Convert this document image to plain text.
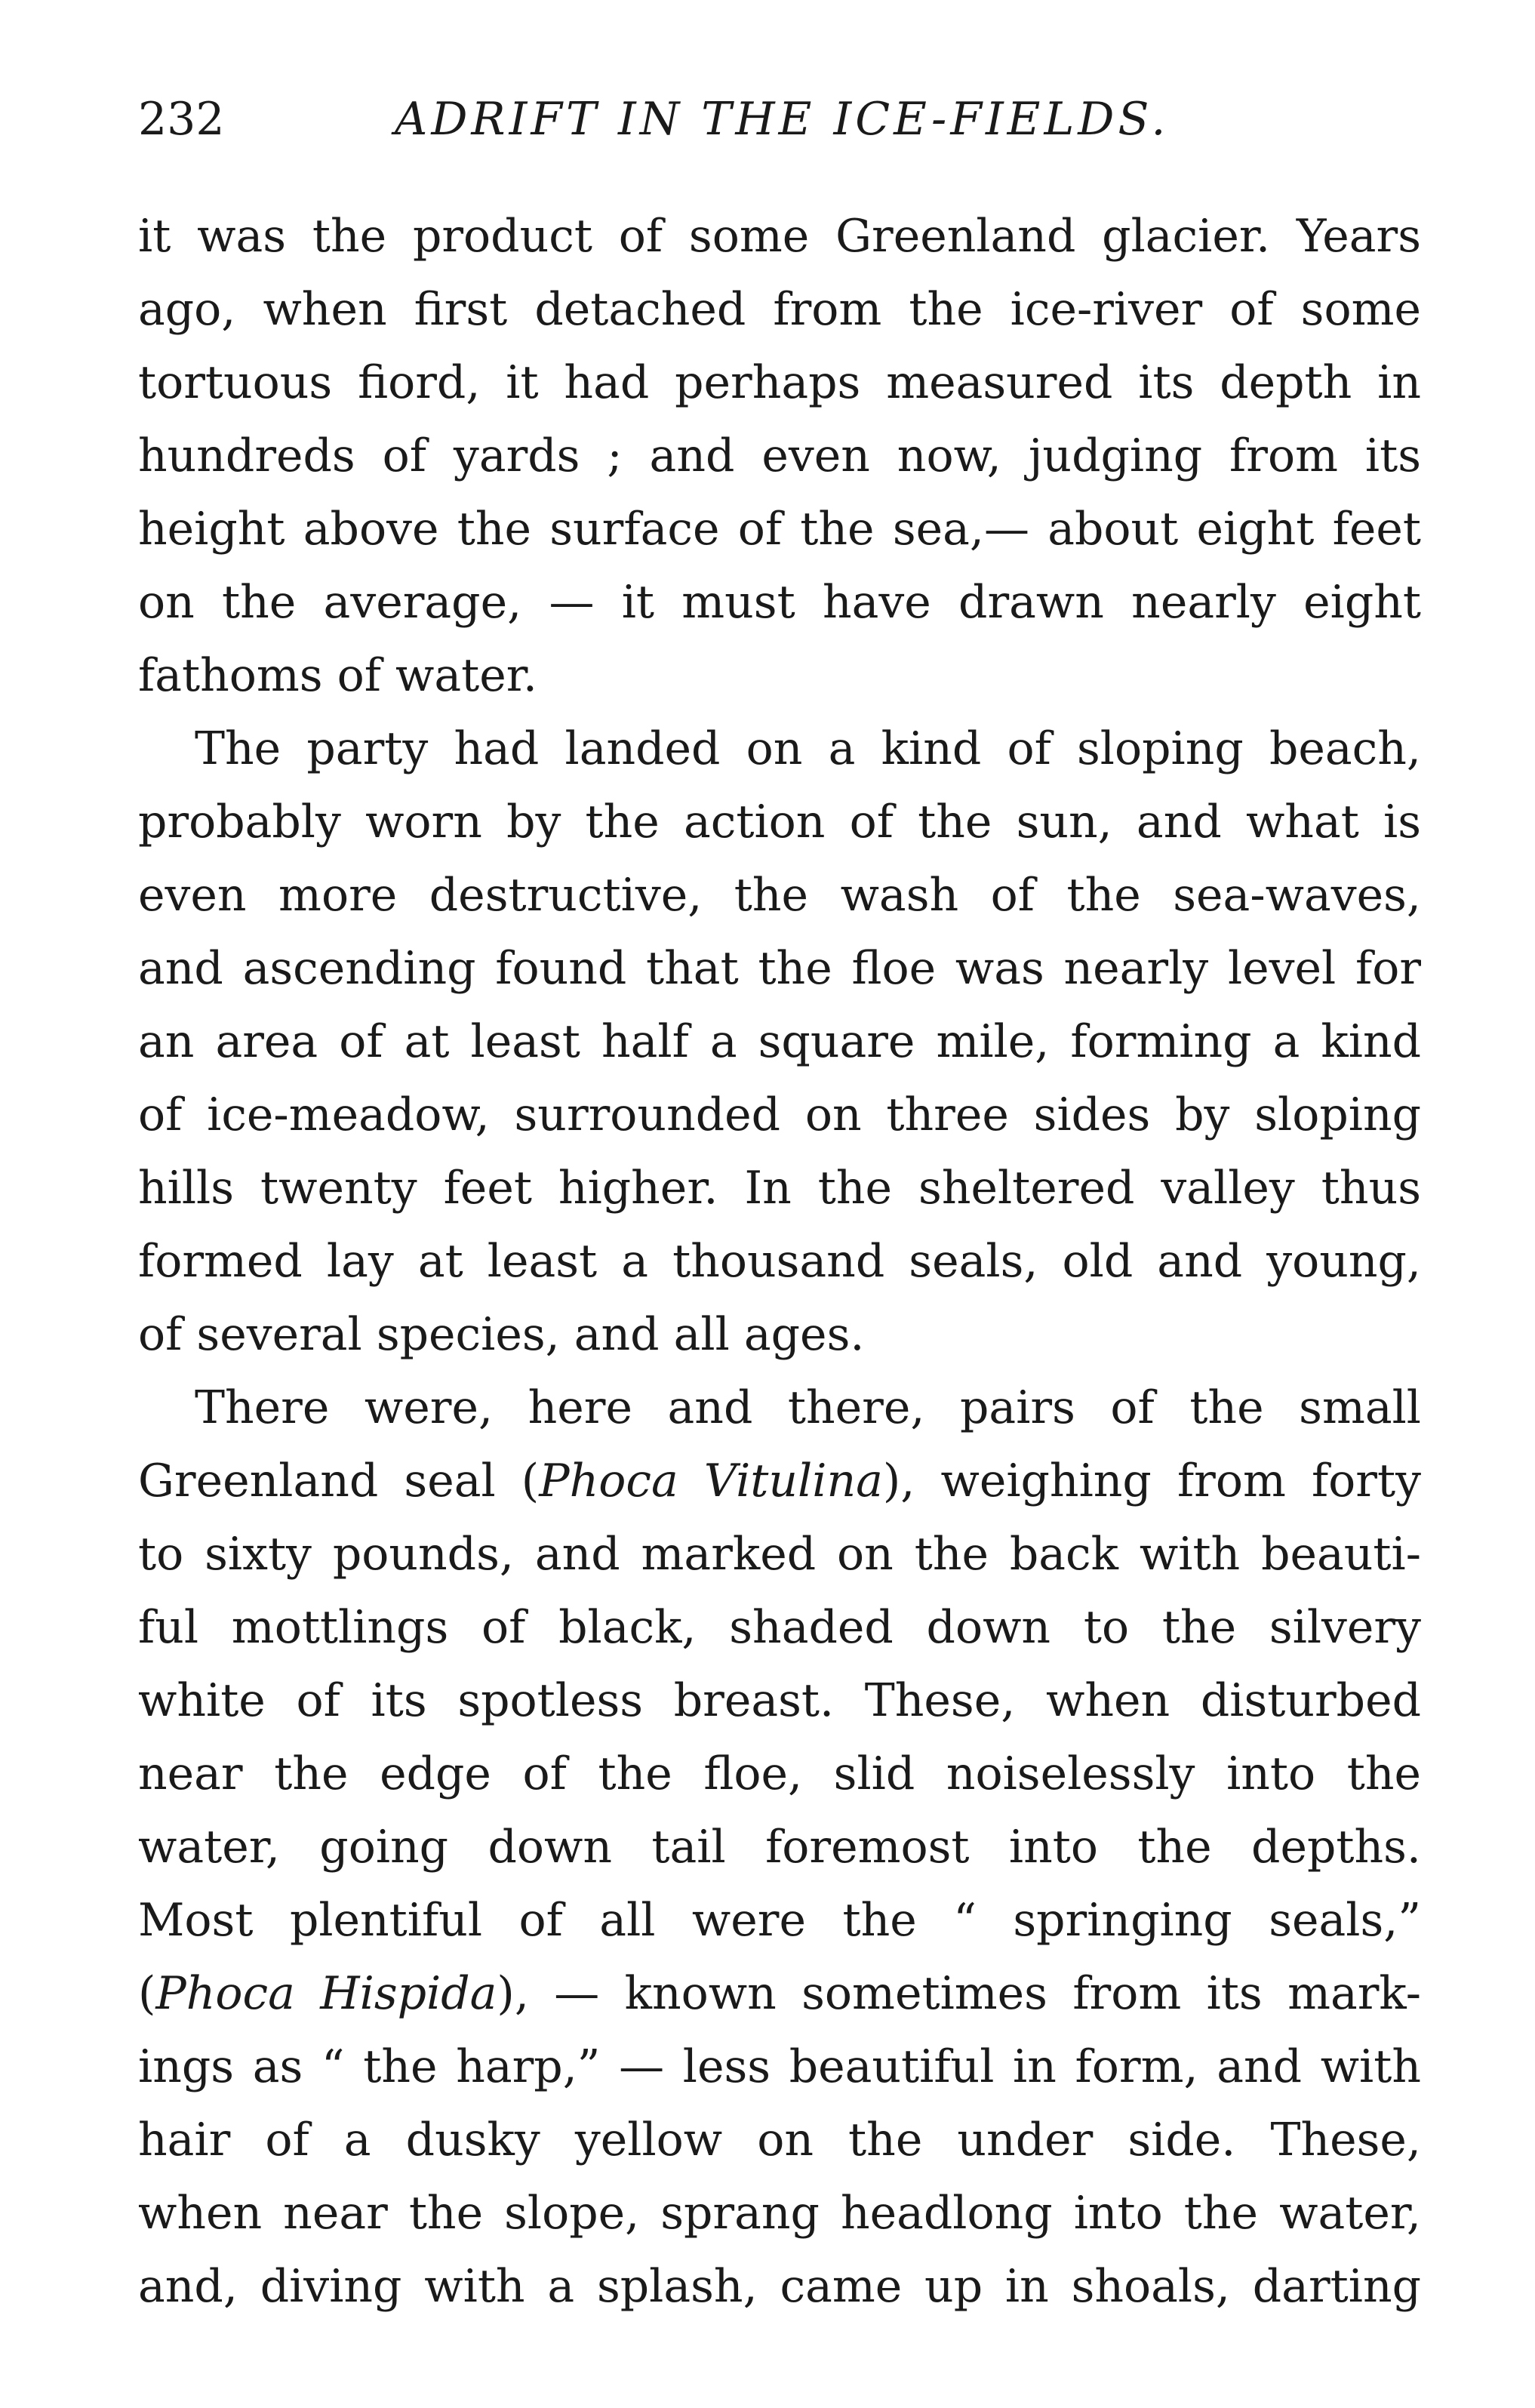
232	ADRIFT IN THE ICE-FIELDS.
it was the product of some Greenland glacier. Years
ago, when first detached from the ice-river of some
tortuous fiord, it had perhaps measured its depth in
hundreds of yards ; and even now, judging from its
height above the surface of the sea,— about eight feet
on the average, — it must have drawn nearly eight
fathoms of water.
The party had landed on a kind of sloping beach,
probably worn by the action of the sun, and what is
even more destructive, the wash of the sea-waves,
and ascending found that the floe was nearly level for
an area of at least half a square mile, forming a kind
of ice-meadow, surrounded on three sides by sloping
hills twenty feet higher. In the sheltered valley thus
formed lay at least a thousand seals, old and young,
of several species, and all ages.
There were, here and there, pairs of the small
Greenland seal (Phoca Vitulina), weighing from forty
to sixty pounds, and marked on the back with beauti-
ful mottlings of black, shaded down to the silvery
white of its spotless breast. These, when disturbed
near the edge of the floe, slid noiselessly into the
water, going down tail foremost into the depths.
Most plentiful of all were the “ springing seals,”
(Phoca Hispida), — known sometimes from its mark-
ings as “ the harp,” — less beautiful in form, and with
hair of a dusky yellow on the under side. These,
when near the slope, sprang headlong into the water,
and, diving with a splash, came up in shoals, darting
